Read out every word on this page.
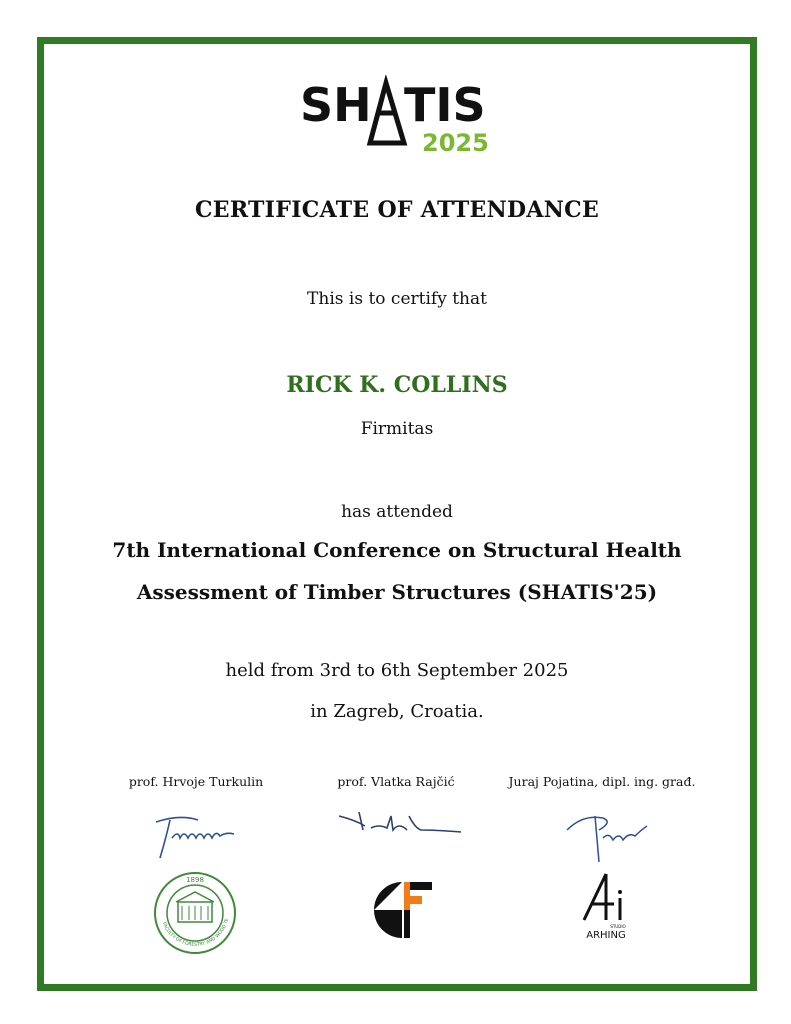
SH TIS
2025
CERTIFICATE OF ATTENDANCE
This is to certify that
RICK K. COLLINS
Firmitas
has attended
7th International Conference on Structural Health
Assessment of Timber Structures (SHATIS'25)
held from 3rd to 6th September 2025
in Zagreb, Croatia.
prof. Hrvoje Turkulin	prof. Vlatka Rajčić	Juraj Pojatina, dipl. ing. građ.
1898
FACULTY OF FORESTRY AND WOOD TE
STUDIO
ARHING
